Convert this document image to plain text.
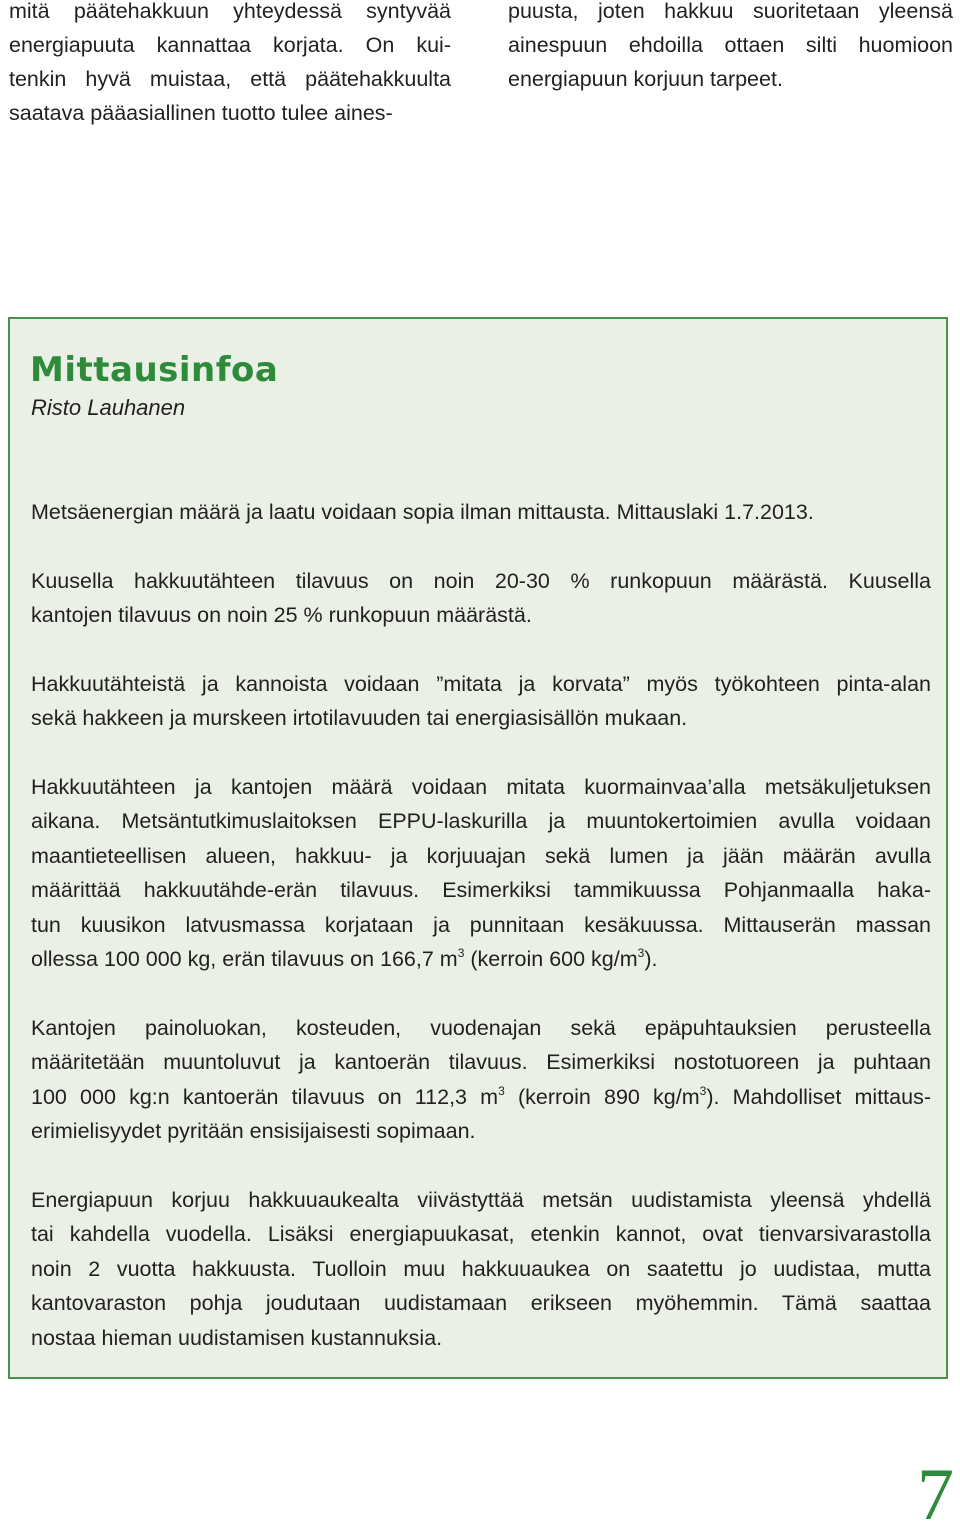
mitä päätehakkuun yhteydessä syntyvää
energiapuuta kannattaa korjata. On kui-
tenkin hyvä muistaa, että päätehakkuulta
saatava pääasiallinen tuotto tulee aines-

puusta, joten hakkuu suoritetaan yleensä
ainespuun ehdoilla ottaen silti huomioon
energiapuun korjuun tarpeet.

Mittausinfoa

Risto Lauhanen

Metsäenergian määrä ja laatu voidaan sopia ilman mittausta. Mittauslaki 1.7.2013.

Kuusella hakkuutähteen tilavuus on noin 20-30 % runkopuun määrästä. Kuusella
kantojen tilavuus on noin 25 % runkopuun määrästä.

Hakkuutähteistä ja kannoista voidaan ”mitata ja korvata” myös työkohteen pinta-alan
sekä hakkeen ja murskeen irtotilavuuden tai energiasisällön mukaan.

Hakkuutähteen ja kantojen määrä voidaan mitata kuormainvaa’alla metsäkuljetuksen
aikana. Metsäntutkimuslaitoksen EPPU-laskurilla ja muuntokertoimien avulla voidaan
maantieteellisen alueen, hakkuu- ja korjuuajan sekä lumen ja jään määrän avulla
määrittää hakkuutähde-erän tilavuus. Esimerkiksi tammikuussa Pohjanmaalla haka-
tun kuusikon latvusmassa korjataan ja punnitaan kesäkuussa. Mittauserän massan
ollessa 100 000 kg, erän tilavuus on 166,7 $m^3$ (kerroin 600 $kg/m^3$).

Kantojen painoluokan, kosteuden, vuodenajan sekä epäpuhtauksien perusteella
määritetään muuntoluvut ja kantoerän tilavuus. Esimerkiksi nostotuoreen ja puhtaan
100 000 kg:n kantoerän tilavuus on 112,3 $m^3$ (kerroin 890 $kg/m^3$). Mahdolliset mittaus-
erimielisyydet pyritään ensisijaisesti sopimaan.

Energiapuun korjuu hakkuuaukealta viivästyttää metsän uudistamista yleensä yhdellä
tai kahdella vuodella. Lisäksi energiapuukasat, etenkin kannot, ovat tienvarsivarastolla
noin 2 vuotta hakkuusta. Tuolloin muu hakkuuaukea on saatettu jo uudistaa, mutta
kantovaraston pohja joudutaan uudistamaan erikseen myöhemmin. Tämä saattaa
nostaa hieman uudistamisen kustannuksia.

7
